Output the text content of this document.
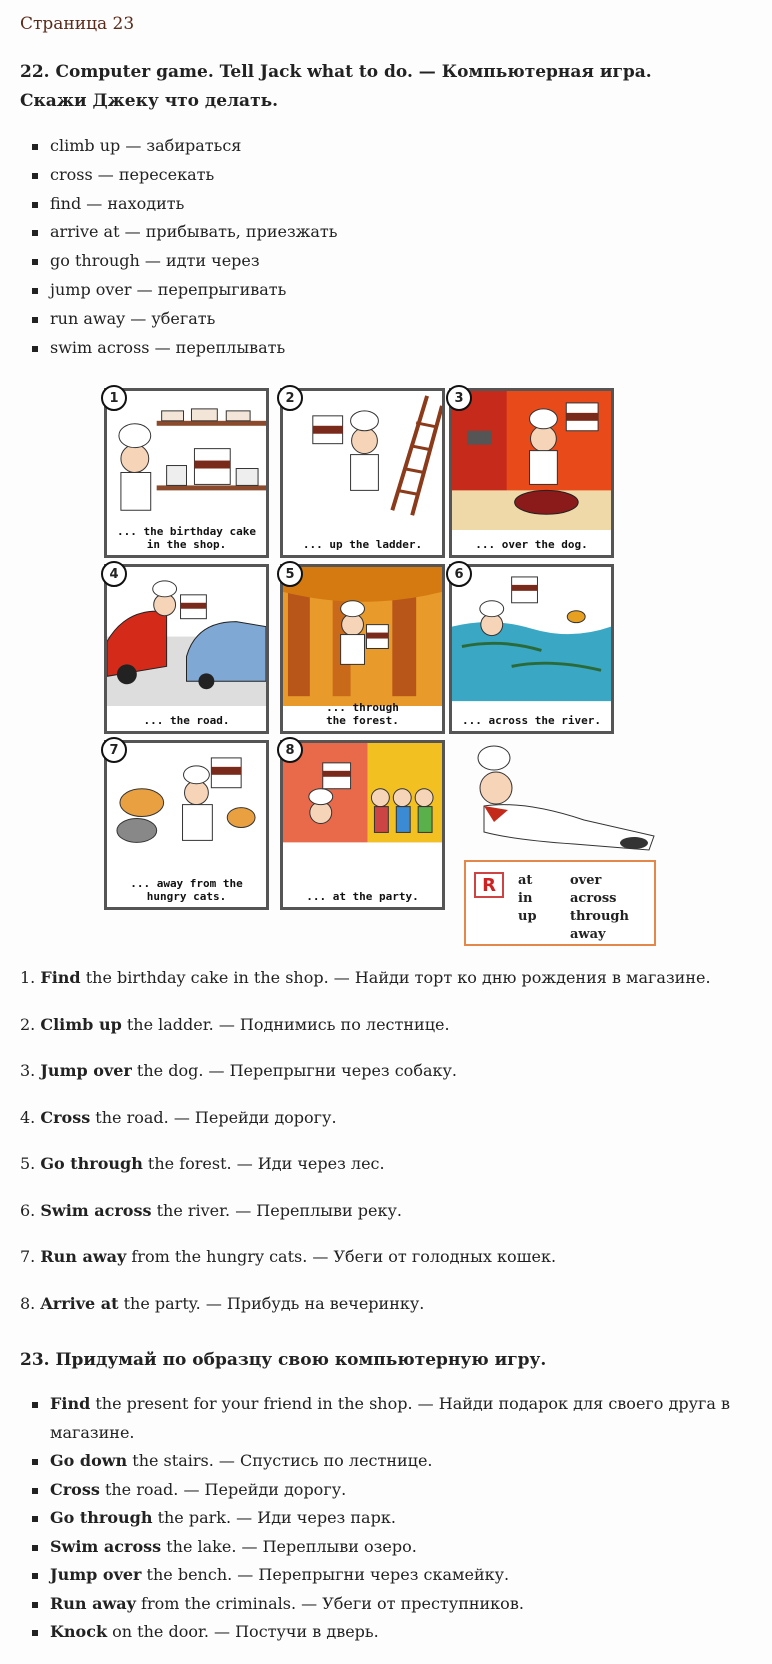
Страница 23
22. Computer game. Tell Jack what to do. — Компьютерная игра. Скажи Джеку что делать.
climb up — забираться
cross — пересекать
find — находить
arrive at — прибывать, приезжать
go through — идти через
jump over — перепрыгивать
run away — убегать
swim across — переплывать
1
... the birthday cake
in the shop.
2
... up the ladder.
3
... over the dog.
4
... the road.
5
... through
the forest.
6
... across the river.
7
... away from the
hungry cats.
8
... at the party.
R	at
in
up
over
across
through
away
1. Find the birthday cake in the shop. — Найди торт ко дню рождения в магазине.
2. Climb up the ladder. — Поднимись по лестнице.
3. Jump over the dog. — Перепрыгни через собаку.
4. Cross the road. — Перейди дорогу.
5. Go through the forest. — Иди через лес.
6. Swim across the river. — Переплыви реку.
7. Run away from the hungry cats. — Убеги от голодных кошек.
8. Arrive at the party. — Прибудь на вечеринку.
23. Придумай по образцу свою компьютерную игру.
Find the present for your friend in the shop. — Найди подарок для своего друга в магазине.
Go down the stairs. — Спустись по лестнице.
Cross the road. — Перейди дорогу.
Go through the park. — Иди через парк.
Swim across the lake. — Переплыви озеро.
Jump over the bench. — Перепрыгни через скамейку.
Run away from the criminals. — Убеги от преступников.
Knock on the door. — Постучи в дверь.
